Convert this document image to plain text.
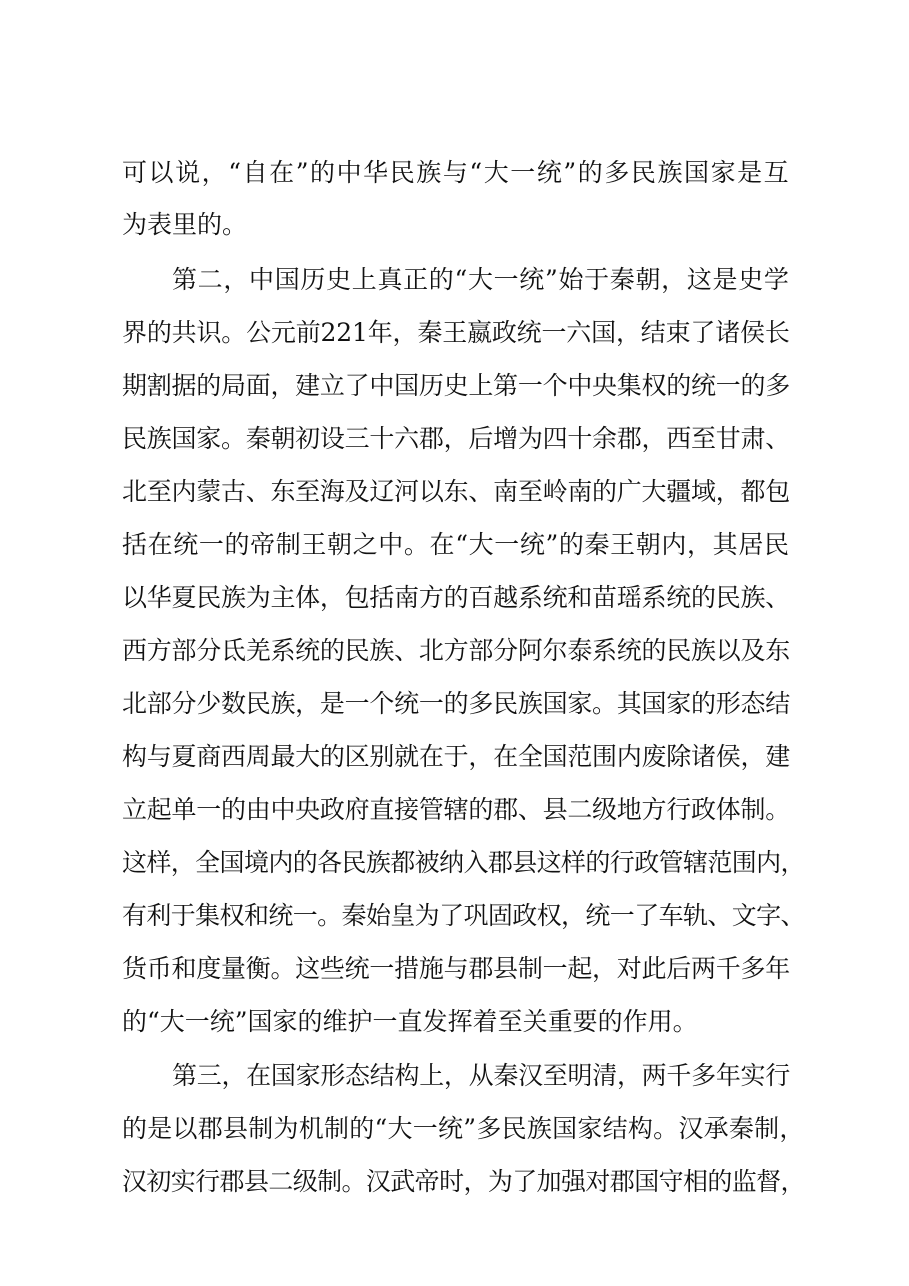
可以说，“自在”的中华民族与“大一统”的多民族国家是互
为表里的。
第二，中国历史上真正的“大一统”始于秦朝，这是史学
界的共识。公元前221年，秦王嬴政统一六国，结束了诸侯长
期割据的局面，建立了中国历史上第一个中央集权的统一的多
民族国家。秦朝初设三十六郡，后增为四十余郡，西至甘肃、
北至内蒙古、东至海及辽河以东、南至岭南的广大疆域，都包
括在统一的帝制王朝之中。在“大一统”的秦王朝内，其居民
以华夏民族为主体，包括南方的百越系统和苗瑶系统的民族、
西方部分氐羌系统的民族、北方部分阿尔泰系统的民族以及东
北部分少数民族，是一个统一的多民族国家。其国家的形态结
构与夏商西周最大的区别就在于，在全国范围内废除诸侯，建
立起单一的由中央政府直接管辖的郡、县二级地方行政体制。
这样，全国境内的各民族都被纳入郡县这样的行政管辖范围内，
有利于集权和统一。秦始皇为了巩固政权，统一了车轨、文字、
货币和度量衡。这些统一措施与郡县制一起，对此后两千多年
的“大一统”国家的维护一直发挥着至关重要的作用。
第三，在国家形态结构上，从秦汉至明清，两千多年实行
的是以郡县制为机制的“大一统”多民族国家结构。汉承秦制，
汉初实行郡县二级制。汉武帝时，为了加强对郡国守相的监督，
